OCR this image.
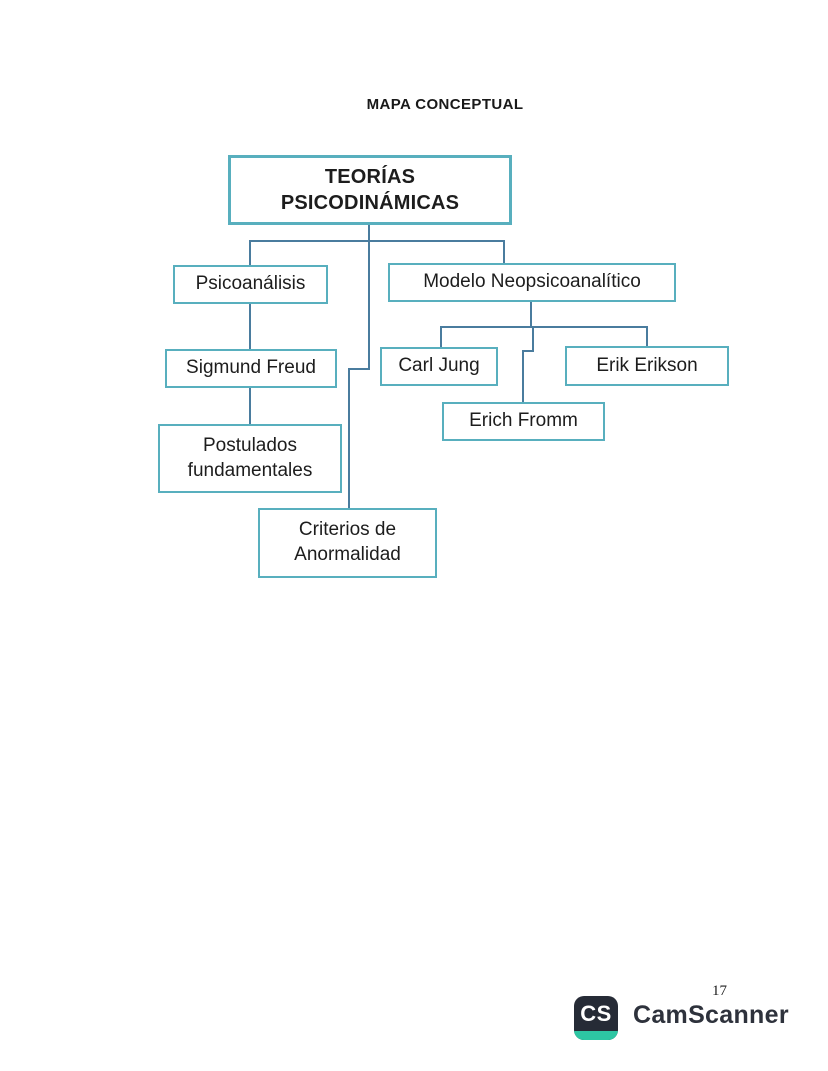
MAPA CONCEPTUAL
TEORÍAS
PSICODINÁMICAS
Psicoanálisis	Modelo Neopsicoanalítico
Sigmund Freud
Postulados fundamentales
Criterios de Anormalidad
Carl Jung
Erich Fromm
Erik Erikson
17
CS CamScanner
